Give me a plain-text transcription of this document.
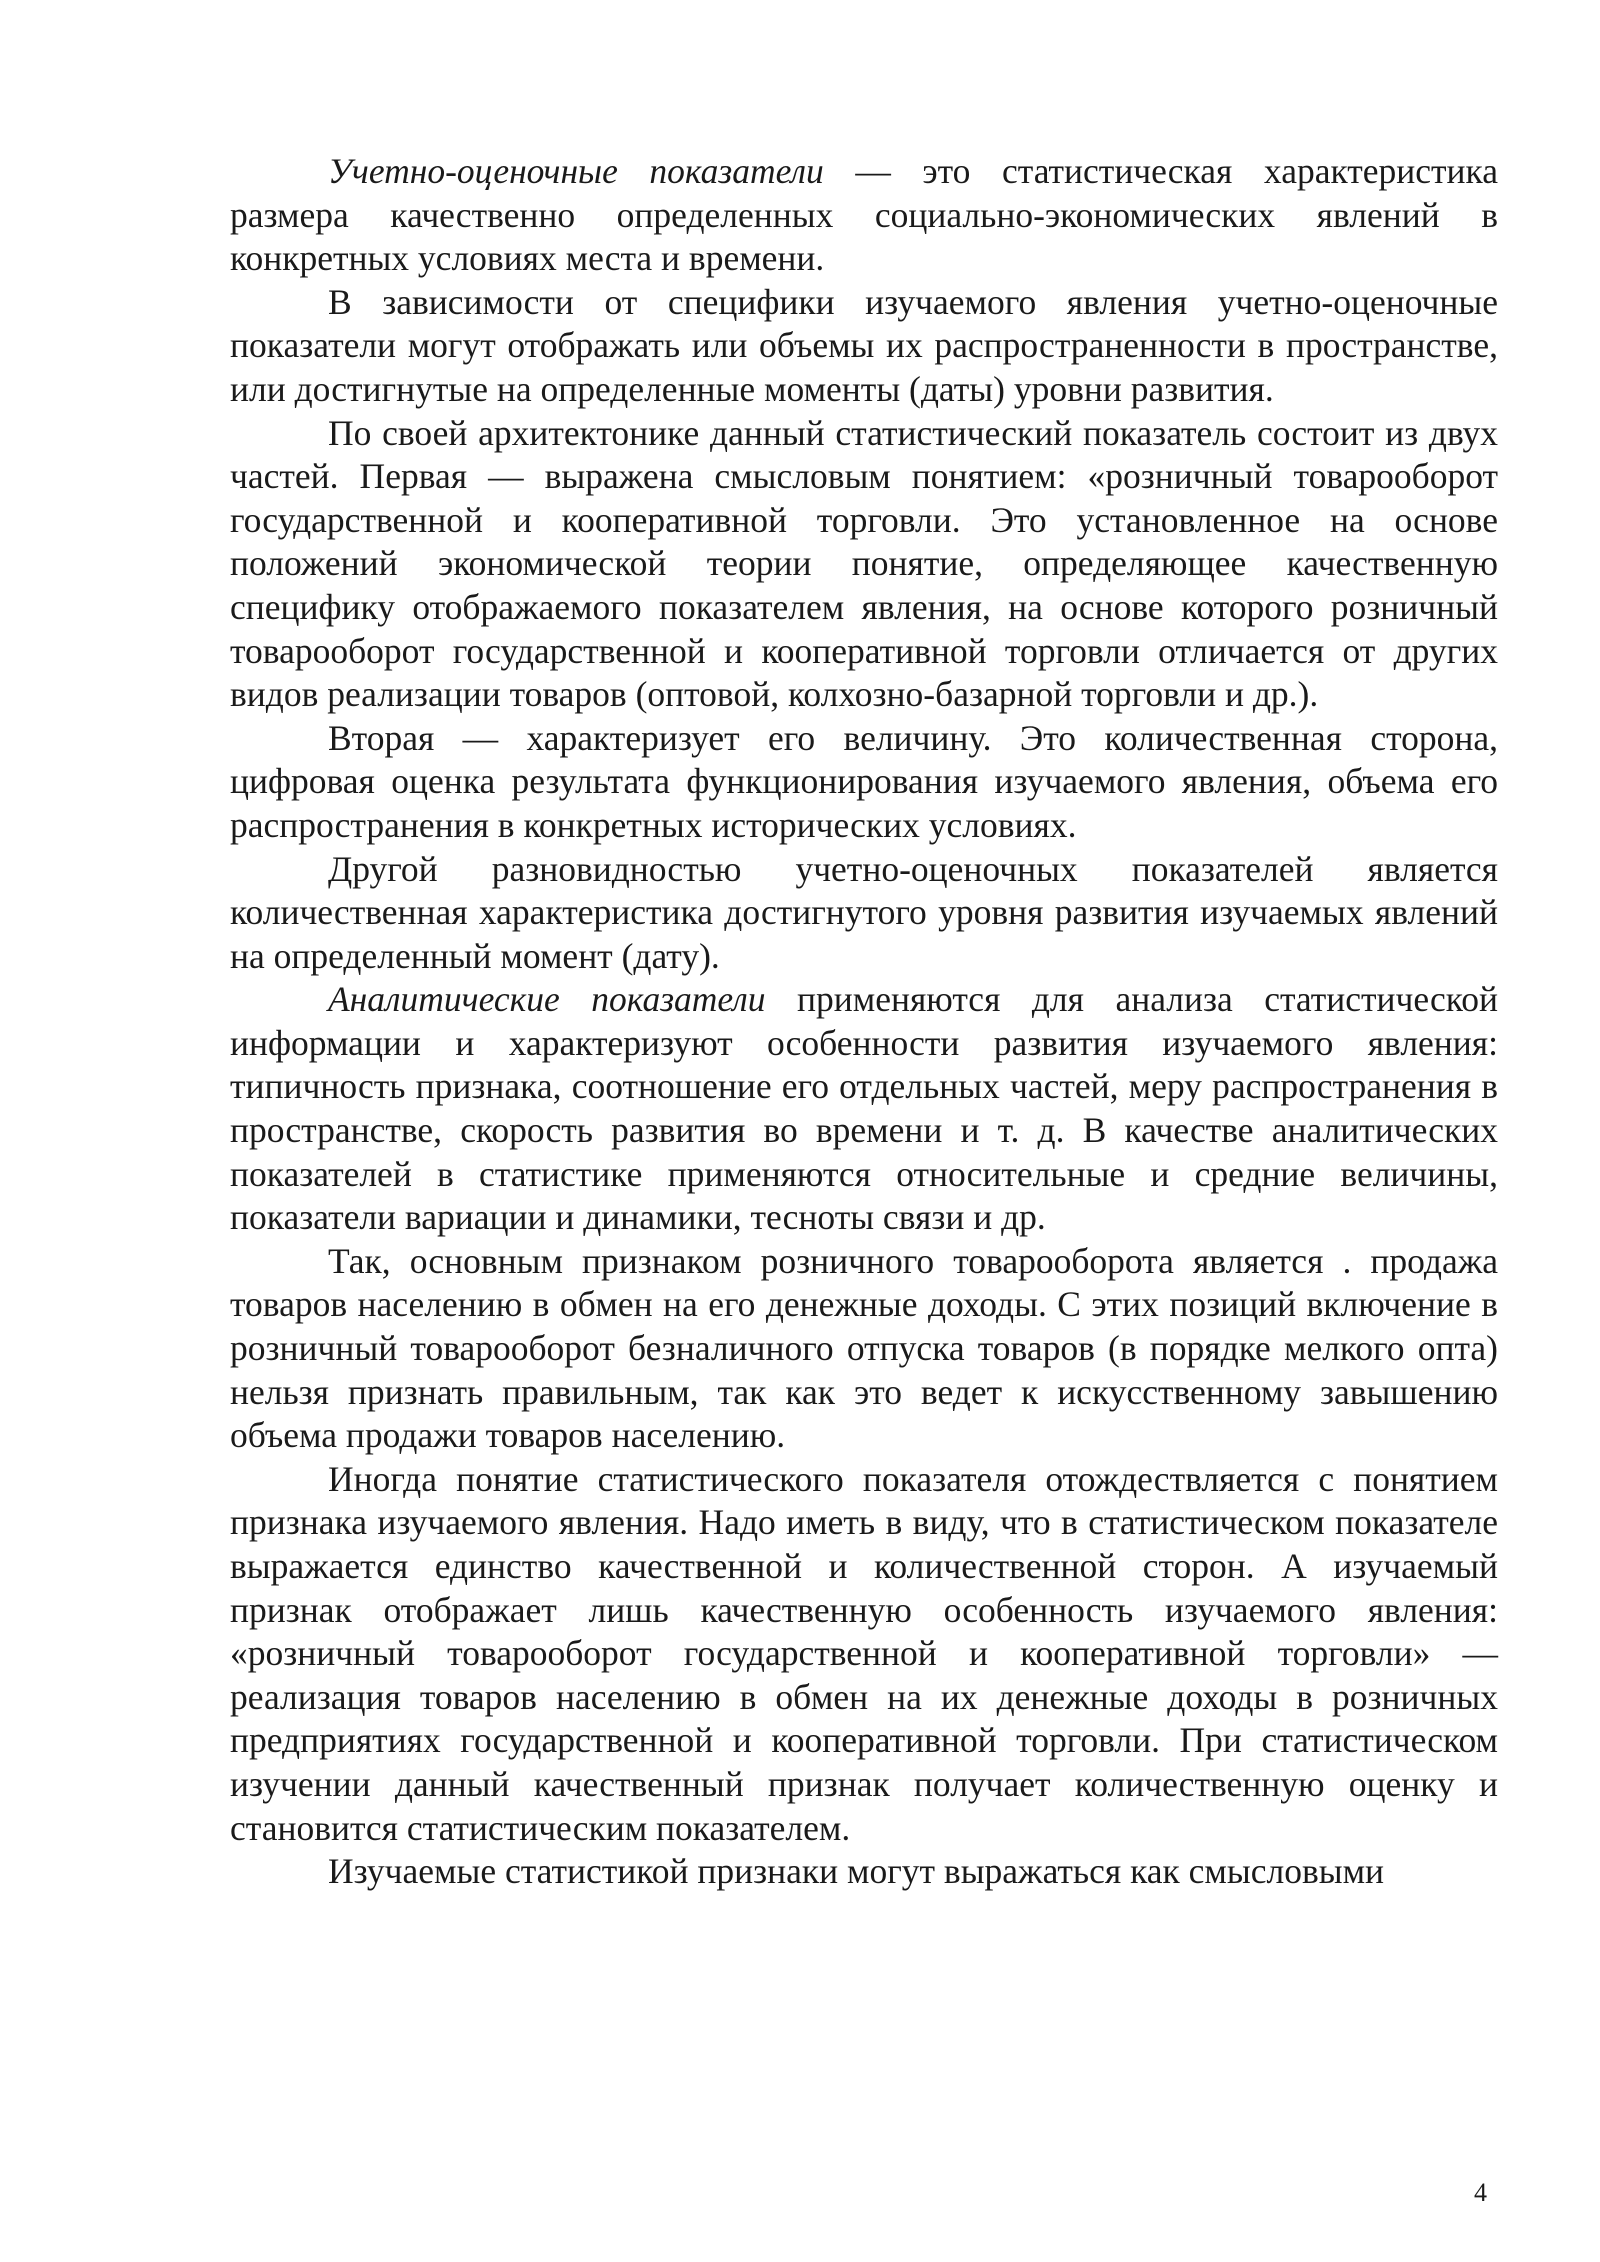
Учетно-оценочные показатели — это статистическая характеристика размера качественно определенных социально-экономических явлений в конкретных условиях места и времени.

В зависимости от специфики изучаемого явления учетно-оценочные показатели могут отображать или объемы их распространенности в пространстве, или достигнутые на определенные моменты (даты) уровни развития.

По своей архитектонике данный статистический показатель состоит из двух частей. Первая — выражена смысловым понятием: «розничный товарооборот государственной и кооперативной торговли. Это установленное на основе положений экономической теории понятие, определяющее качественную специфику отображаемого показателем явления, на основе которого розничный товарооборот государственной и кооперативной торговли отличается от других видов реализации товаров (оптовой, колхозно-базарной торговли и др.).

Вторая — характеризует его величину. Это количественная сторона, цифровая оценка результата функционирования изучаемого явления, объема его распространения в конкретных исторических условиях.

Другой разновидностью учетно-оценочных показателей является количественная характеристика достигнутого уровня развития изучаемых явлений на определенный момент (дату).

Аналитические показатели применяются для анализа статистической информации и характеризуют особенности развития изучаемого явления: типичность признака, соотношение его отдельных частей, меру распространения в пространстве, скорость развития во времени и т. д. В качестве аналитических показателей в статистике применяются относительные и средние величины, показатели вариации и динамики, тесноты связи и др.

Так, основным признаком розничного товарооборота является . продажа товаров населению в обмен на его денежные доходы. С этих позиций включение в розничный товарооборот безналичного отпуска товаров (в порядке мелкого опта) нельзя признать правильным, так как это ведет к искусственному завышению объема продажи товаров населению.

Иногда понятие статистического показателя отождествляется с понятием признака изучаемого явления. Надо иметь в виду, что в статистическом показателе выражается единство качественной и количественной сторон. А изучаемый признак отображает лишь качественную особенность изучаемого явления: «розничный товарооборот государственной и кооперативной торговли» — реализация товаров населению в обмен на их денежные доходы в розничных предприятиях государственной и кооперативной торговли. При статистическом изучении данный качественный признак получает количественную оценку и становится статистическим показателем.

Изучаемые статистикой признаки могут выражаться как смысловыми

4
